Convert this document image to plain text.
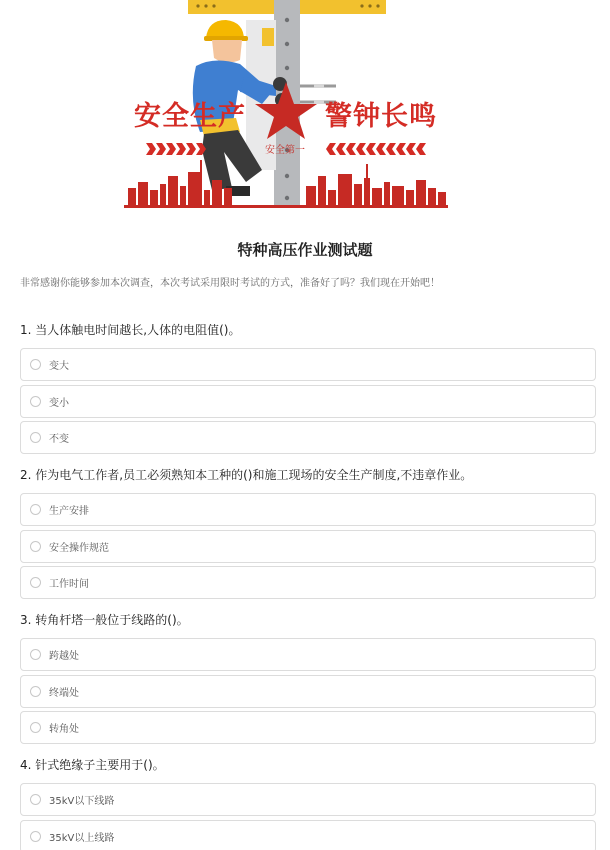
安全生产	警钟长鸣
安全第一
特种高压作业测试题
非常感谢你能够参加本次调查，本次考试采用限时考试的方式，准备好了吗？我们现在开始吧！
1. 当人体触电时间越长,人体的电阻值()。
变大
变小
不变
2. 作为电气工作者,员工必须熟知本工种的()和施工现场的安全生产制度,不违章作业。
生产安排
安全操作规范
工作时间
3. 转角杆塔一般位于线路的()。
跨越处
终端处
转角处
4. 针式绝缘子主要用于()。
35kV以下线路
35kV以上线路
